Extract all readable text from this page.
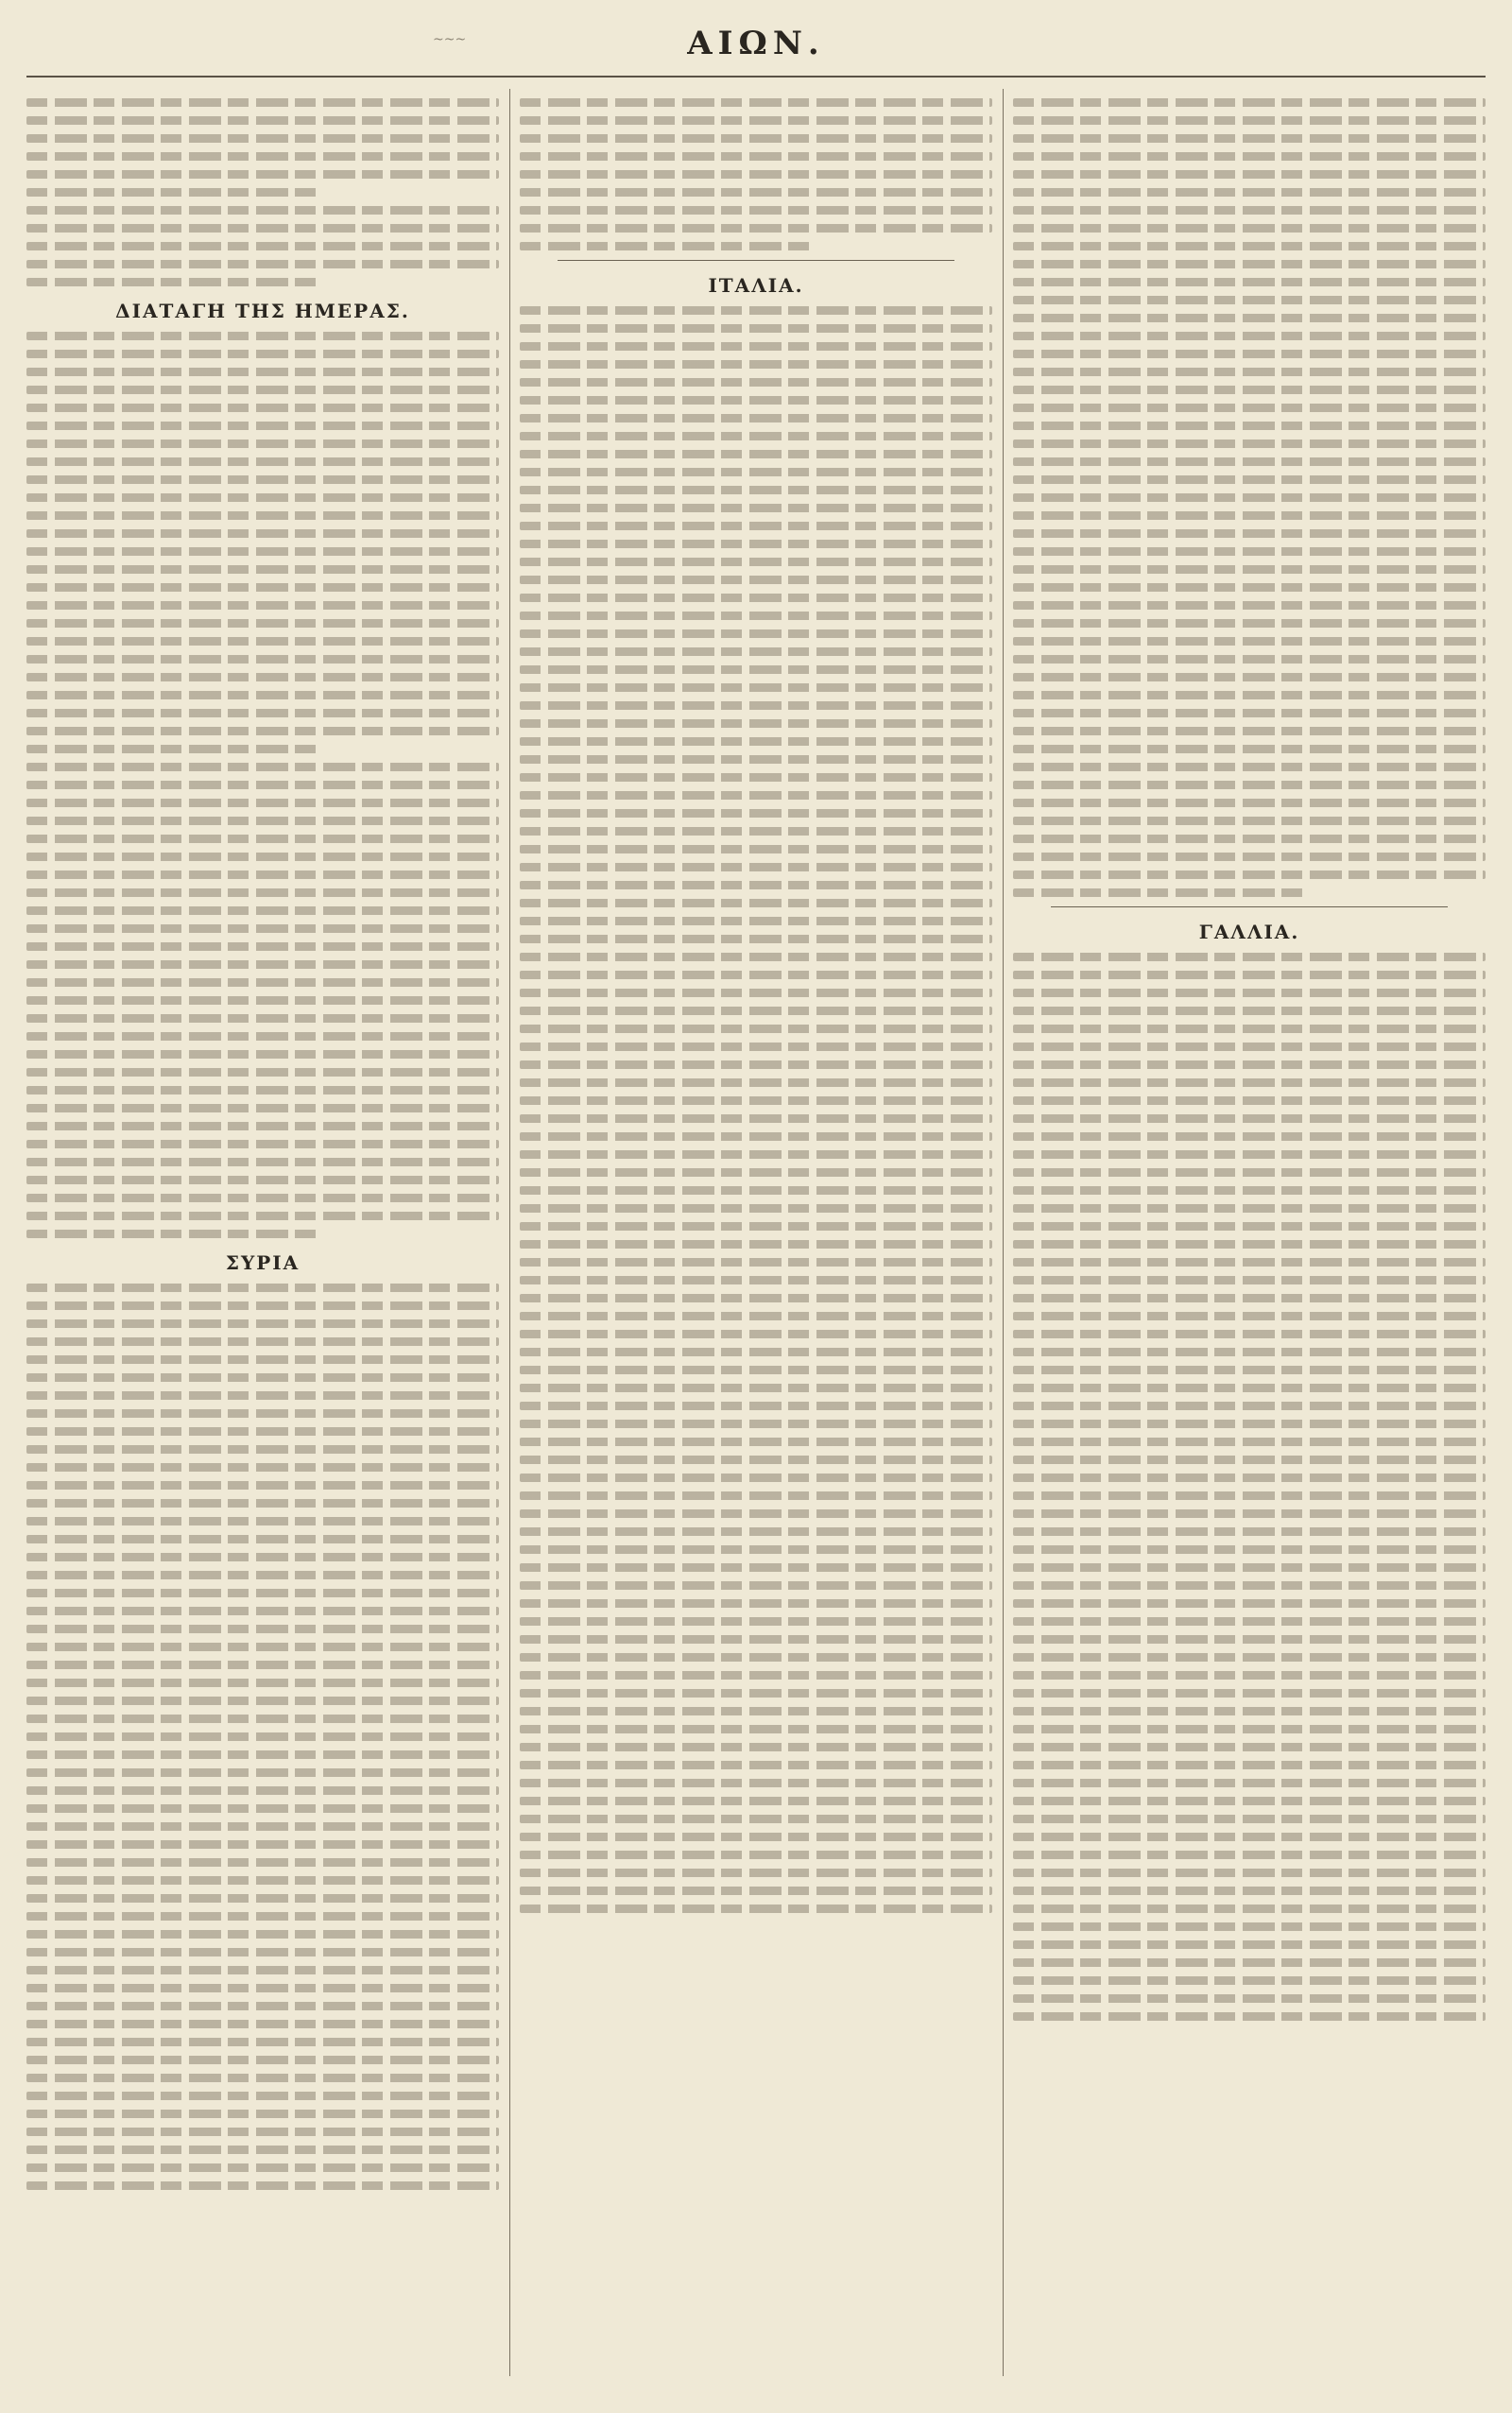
~~~	ΑΙΩΝ.
ΔΙΑΤΑΓΗ ΤΗΣ ΗΜΕΡΑΣ.
ΣΥΡΙΑ
ΙΤΑΛΙΑ.
ΓΑΛΛΙΑ.
